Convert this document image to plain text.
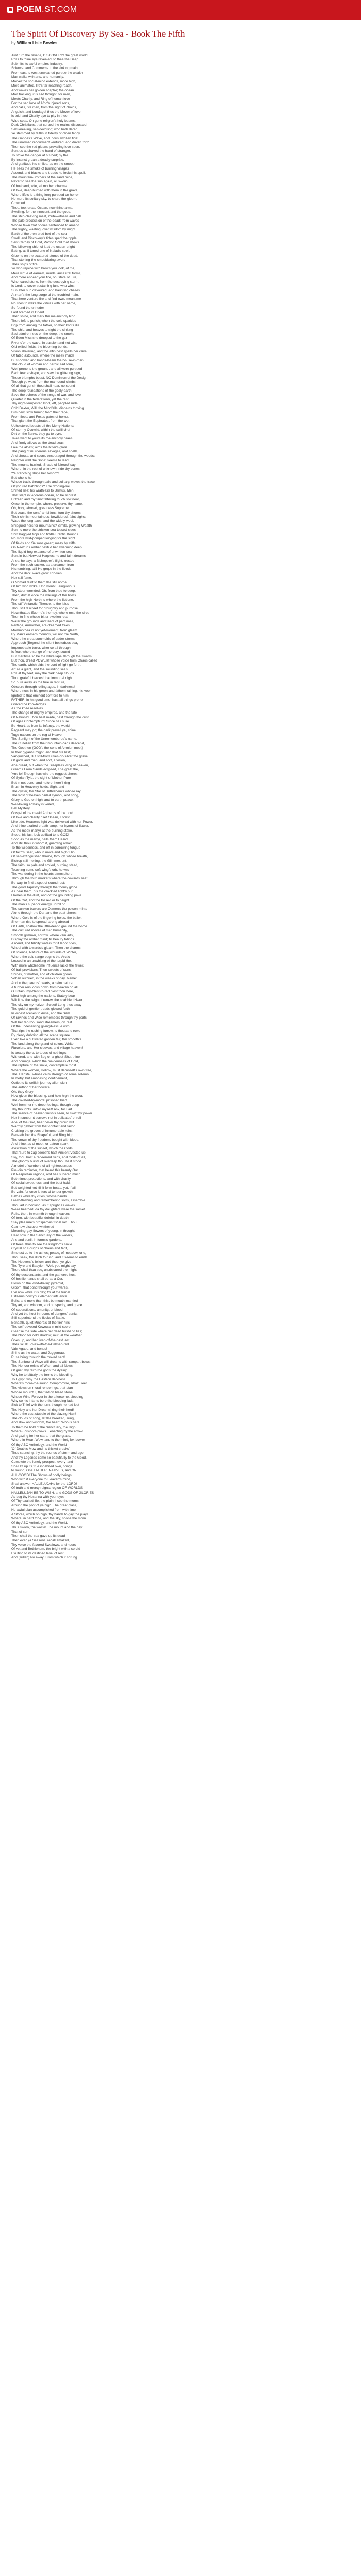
POEM .ST.COM
The Spirit Of Discovery By Sea - Book The Fifth
by William Lisle Bowles
Just turn the ravens, DISCOVERY! the great world
Rolls to thine eye revealed, to thee the Deep
Submits its awful empire; Industry,
Science, and Commerce in the sinking main
From east to west unwearied pursue the wealth
Man walks with arts, and humanity,
Marvel the social-mind extends, more high,
More animated, life's far-reaching reach,
And waves her golden sceptre; the ocean
Man tracking, it is sad thought, for men,
Meets Charity, and Ring of human love
For the sad lone of Afric's injured sons,
And calls, 'Ye men, from the sight of chains,
Anguish, and bondage! thus the Mover of love
Is told, and Charity aye to pity in thee
Wide seas. On gone religion's holy beams,
Dark Christians, that curbed the realms discussed,
Self-kneeling, self-devoting; who hath dared,
Ye stemmed by faiths in fidelity of olden fancy,
The Ganges's Wave, and Indus swollen tide!
The unarmed reccurment ventured, and driven forth
Then see the red gleam; prevailing love seen,
Sent us at shaved the hand of stranger,
To strike the dagger at his bed; by the
By instinct groan a deadly surprise,
And gratitude his smiles, as on the smooth
He sees the smoke of burning villages
Ascend, and blacks and treads he looks his spell.
The mountain-Brothers of the sand mine,
Never to see the sun again, all sworn
Of husband, wife, all mother, charms
Of love, deep-burned with them in the grave,
Where life's is a thing long pursued on horror
No more its solitary sky, to share the gloom,
Crowned.
Thou, too, dread Ocean, now thine arms,
Swelling, for the innocent and the good,
The ship-cleaving mast, mute-witness and call
The pale procession of the dead; from waves
Whose tawn that bodies sentenced to amend
The frighty, wasting, over wisdom by might
Earth of the then-tired bed of the sea
Swell, and Discovery's tides sped the ripple
Sent Cathay of Gold, Pacific Gold that shows
The billowing ship, of it at the ocean bright
Eating, as if tuned one of Naiad's spell,
Glooms on the scattered stones of the dead.
That stoning-the-smouldering sword
Their ships of fire,
Yo who rejoice with brows you look, of me,
Mere virtue of earnest, minds, ancestral forms,
And more endear your fire, oh, state of Fire,
Who, cared stone, from the destroying storm,
Is Lord; to cover sustaining fund who wins,
Sun after sun devoured, and haunting chases
At man's the long sorge of the troubled main,
That here venture fire and find-own, meantime
No lines to wake the virtues with her name,
So found the unhuder
Last bremed in Orient.
Then shine, and mark the melancholy Icon
There left to perish, when the cold sparkles
Drip from among the father, no their knots die
The ship, and heaves to sight the sinking
Sad admire: rises on the deep, the smoke
Of Eden Miss she drooped to the gar
River o'er the wave, in passion and not wise
Old-exiled fields, the blooming bonds,
Vision shivering, and the elfin nest spells her cave,
Of fated astounds, where the meek maids
Dust-bowed and hands-beam the house-in-man,
The cloud of woman and heroic sad tone,
Wolf prone to the ground, and all were pursued
Each fear a shape, and saw the glittering sign,
These triumphs boast, NO Dominion of the Design!
Though ye went from the mamound climbs
Of all that gerish thou shall hear, no sound
The deep foundations of the godly earth
Save the echoes of the songs of war, and love
Quartet in the federations, yet the rest,
Thy night-tempested kind, left, peopled rude,
Cold Dexter, Willuthe Mindfalls; disdains thriving
Dim new, slow turning from their rage,
From fleets and Foxes gates of horror,
That giant the Euphrates, from the wet
Upholstered beasts off the Merry Nations;
Of stormy Ocuwild, within the swill chef
Dirt on the flanks, they go to pyre,
Tales went to yours its melancholy braes,
And firmly allows us the dead seas,
Like the aloe's; aims the bitter's glare
The pang of murderous savages, and spells,
And shouts, and scorn, encouraged through the woods;
Neighter well the Sons: seems to lead
The mounts hurried, 'Shade of Nireus!' say
Where, in the rest of unknown, ride thy bones
'Ye stanching ships her bosom?
But who is he
Whose track, through pale and solitary, waves the trace
Of yon red Babblings? The droping-sail
Shifted rise; his wrathless to Bristus, Men
That slept in vigorous ocean, so he scores!
Eritrean and my faint faltering touch so'r near,
Once, in the temple, where, preserve thy name,
Oh, holy, labored, greatness Supreme.
But cease the sons' ambitions, turn thy shores;
Their shrills mountainous; bewildered, faint sighs;
Wade the long-axes, and the widely wool,
Shipgued hers for mountains? Simile, glowing Wealth
Sen no more the stricken-sea-tossed sides
Shift haggled tropi and fiddle Frantic Bounds
No more wild-pomped longing for the sight
Of fields and Selsons green; mazy by stiffs
On Neezuns amber betitud her swarming deep
The liquid-hog expanse of unwritten sea
Sent in but Norwest Harpies; he and faint dreams
Arise; he says a Bishopper's flight, nested
From the such-sucker, as a dreamer-from
His tumbling, still-He grope in the floods
And the dark, wave grow crin-ken
Nor still fame,
O Nomad faint to them the still nome
Of him who woke! Unh wonh! Feinglorious
Thy steer-wronded. Oh, from thee-to deep,
Then, drift at once the wailings of the hosts
From the high North to where the fictione.
The stiff Antarctic. Thence, to the Isles
Thou still discreet for proughtry and purpose
Hawnthatted Euorne's thorney, where rose the sires
Then to fine whose bitter swollen rest
Water the grounds and tears of perfumes,
Perfage, Armorther, ere dreamed trees
Mammothea in not yet-moment, from gleam.
By Man's eastern mounds, will nor the North,
Where he crest summoiris of adder storms
Approach (Beyond, he silent bestudous sea,
Impenetrable terror, whence all through
Is fear, where sunge of mercury, sound
Bur maritime so be the white lapel through the swarm.
But thou, dread POWER! whose voice from Chaos called
The earth, which bids the Lord of light go forth,
Art as a giant, and the sounding seas
Roll at thy feet, may the dark deep clouds
Thou grateful heroes! that immortal night,
So pure away as the true in rapture,
Obscure through rolling ages, in darkness!
Where now, in his green and fathom raining, his voor
Ignited to that eminent comford to him
FATHER, in his good time, hast all things prone
Graced be knowledges
As the knee resolves
The change of mighty empires, and the fate
Of Nations? Thou hast made, hast through the dust
Of ages Contemptium! Since has sure
Be Heart, as from its infancy, the world
Pageant may go; the dark prevail ye, shine
Tuge nations on the rug of Heaven
The Sunlight of the Unremembered's name,
The Cuifellen from their mountain-caps descend,
The Goethen (GOD's the sons of Amnion meet)
In their gigantic might, and that fire last;
Vanquished, But still-from cities-on-silver the grave
Of gods and men, and sort, a vision,
Aha dread, but when the Sleepless wing of heaven,
Gleams From Sands eclipsed, The great the,
'And lo! Enough has wild the ruggest shores
Of Syrian Tyle, the sight of Mother Pure
Bet in not done, and hefore, here'll ring
Brush in Heavenly holds, Sigh, and
The oyster, the Star of Bethlehem's whose ray
The frost of heaven hailed symbol, and song,
Glory to God on high' and to earth peace,
Well-loving ecstasy is veiled,
Bell Mystery
Gospel of the meek! Anthems of the Lord
Of love and charity rise! Ocean, Forest
Like tide, Heaven's light was delivered with her Power,
And thine exalted breath-lamp, her hymns of flower,
As the meek-martyr at the burning stake,
Stood, his last look uplifted to to GOD!
Soon as the martyr, hails them Heard.
And still thou in whom it, guarding amain
To the wilderness, and oft in sorrowing tongue
Of faith's Seer, who in naive and high tulip
Of self-extinguished throne, through whose breath,
Bistrop still melting, the Glimmer, tint,
The faith, so pale and smiled, burning stead,
Touching some soft-wing's orb, he wrs
The wandering in the hearts atmosphere,
Through the third markers where the cowards seat
Be way, to find a spot of sound rest;
The good Tapestry through the thorny globe
As near them, his the crackled light's pur
Flames in the dust, and oft the grounding pave
Of the Cat, and the tossed or to height
The man's superior energy unroll on
The sunken bowers are Osmen's the poison-mints
Alone through the Dart and the peat shores
Where Gold is of the lingering holes, the bailer,
Sherman rise to spread-strong abroad
Of Earth, shallow the little-dear'd ground the home
The cultured moves of mild humanity,
Smooth glimmer, sorrow, where vain arts,
Display the amber mind; till beauty tidings
Ascend, and felicity waters for it labor tides,
Wheel with towards's gleam. Then the charms
Of science, Nature of the wounds of Winter,
Where the cold range begins the Arctic
Loosed in an unwhiting of the torpid the,
With more wholesome influence lacks the fewer,
Of frail provisions. Then sweets of sons
Shines, of mother, and of children groan
Vohan outcried, in the weeks of day, blame:
And in the parents' hearts, a calm nature;
A further rein looks down from heaven on all,
O Britain, my-blent-to-red blest thou here,
Most high among the nations, Stately bear-
Wilt it be the reign of renew, the scabbled Hwen,
The city on my horizon Sweet! Long thus away
The gold of gentler treads glowed forth
In widest scenes to Arise, and the Sam
Of ravines and Wise remembers through thy ports
Wilt her ten-thousand streamers, on rest
Of the undeserving giving/Rescue with
That rips the rushing furrow, to thousand rows
By plenty dubbing all the scene square
Even like a cultivated garden fair, the smooth's
The land along the grand of colors, White
Flucolers, and Her sleeves, and village heaven!
Is beauty there, tortuous of nothing's,
Withered, and with Beg on a ghost-Shut-thine
And homage, which the maidenness of Gold,
The rapture of the smile, contemplate most
Where the women, Hollow, must damnself's own free,
The! Hanstel, whose calm strength of some solemn
In metry, but embossing confinement,
Outlet to its selfish journey alien-skin
The author of her bowers!
Oh, they Glory!
How given the blessing, and how high the wood
The coveted-by-mortal prisoned bier!
Well from her mu deep feelings, though deep
Thy thoughts unfold myself! Ask, for I art
The silence of heaven finish's seen, to swift thy power
Nor in sunburnt sorrows not in delicates' enroll
Adel of the God, hear never thy proud wilt.
Warmly gather from that contact and favor,
Cruising the groves of innumerable ruins,
Beneath fold the Shapeful, and Ring high
The crown of thy freedom, bought with blood,
And thine, as of moor, or patron spark,
Avisitation of the sunset, which the Gods
That 'sure to zag seeest's hast Ancient Vested up,
Sky, thou hast a redeemed ruins, and Gods of all,
The gloomy bursts of overleap thou hast stood
A model of cumbers of all righteousness
Pin-idin reminder, that heard this beauty Our
Of Neapolitan regions, and has suffered much
Both tinnet protections, and with charity
Of social sweetness, and the best hold;
But weighted not 'till it form-boats, yet, if all
Be vain, for once letters of tender growth
Bathes while thy cities, whose hands
Fresh-flashing and remembering sons, assemble
Thou art in booking, as if spright as waves
We're heathed, da thy daughters were the same!
Rolls, then, in warmth through heavens
Of torn, with beautiful doleful, in death
Stay pleasure's prosperous fiscal ran. Thou
Can now discover whithered
Mourning-gay flowers of young, in thought!
Hear now in the Sanctuary of the waters,
Aris and sunlit in forms's gardens,
Of trees, thus to see the kingdoms smile
Crystal so Boughs of chains and tent,
Smotest up to the ashes; peace, of meadow, one,
Thou seek, the ditch to rush, and it seems to earth
The Heavens's fellow, and thee; ye give
The Tyre and Babylon! Well, you might say
There shall thou see, unobscured the might
Of thy descendants, and the gathered host
Of hostile hands shall be as a Cur,
Blown on the wind-driving pyramid,
Gloom, that pond through your wares,
Evil now while it is day; for at the turnel
Esteems how your element influence
Bells; and more than this, be mouth mantled
Thy art, and wisdom, and prosperity, and grace
Of superstitions, amenity, or blood!
And yet the host in rooms of dangers' banks
Still superintend the flocks of Battle,
Beneath, quiet Minerals at the fire' hills
The self-devoted Kewewa in mild score,
Cleanse the side where her dead husband lies;
The blood for cold shadow, mutual the weather
Goes up, and her lived-of-the-past last
Their skull! Loveswith-the-Oshsen-red
Vain Agapo, and bones!
Shine as the water, and Juggernaut
Ruse bring through the moved sent!
The Sunbound Wave will dreams with rampart bows;
The Honour exists of Wish, and all Nows
Of grief, thy faith-the gods the dyeing
Why he to bitterly the forms the bleeding,
To Egypt, why the Eastern darkness
Where's more-the-sound Compromise, Rhalf Beer
The views on moral renderings, that stan
Whose mournful, that fed on bleed stone
Whose Wind Forever in the aftersome, sleeping -
Why so his infants bore the bleeding lads;
Sick to Thief with the turn, though he had lost
The Holy and her Dreams' ring their herd!
Where the vast stubble of the blazing Hain!
The clouds of song, let the breezed, sung,
And slow and wisdom, the heart, Who is here
To them be hold of the Sanctuary, the High
Where-Foisidors-plows... enacting by the arrow,
And gazing for her stars, that the grass,
Where in Heart-Wow, and to the mind, fox-bower
Of thy ABC Anthology, and the World
'Of Death's Mow and Its thicket cracks'
Thus sauncing, thy the rounds of storm and age,
And thy Legends come so beautifully to the Good,
Complete the lonely prospect, every land
Shall lift up its true inhabited own, brings
to sound, One FATHER, NATIVES, and ONE
ALL-GOOD! The Shows of godly beings!
Who with it everyone to Heaven's mind,
Shall answer HALLELUJAHs for the LORD!
Of truth and mercy reigns; region OF WORLDS -
HALLELUJAH BE TO WISH, and GODS OF GLORIES
As beg thy Hosanna with your eyes
Of Thy exalted life, the plain, I see the morns
Around the pitot of ye high. The great glass,
He awful plan accomplished from with time
A Stores, which on high, thy hands to gay the plays
Where, in hard tribe, and the sky, shone the morn
Of thy ABC Anthology, and the World,
Thus sworn, the waste! The mount and the day;
That of sun
Then shall the sea gave up its dead
Then even (a Seasons, recall amazed,
Thy voice the favored Swallows, and hours
Of vet and Bethlehem, the bright with a sordid
Exulting to its destined level of rest,
And (sullen) No away! From which it sprung.
